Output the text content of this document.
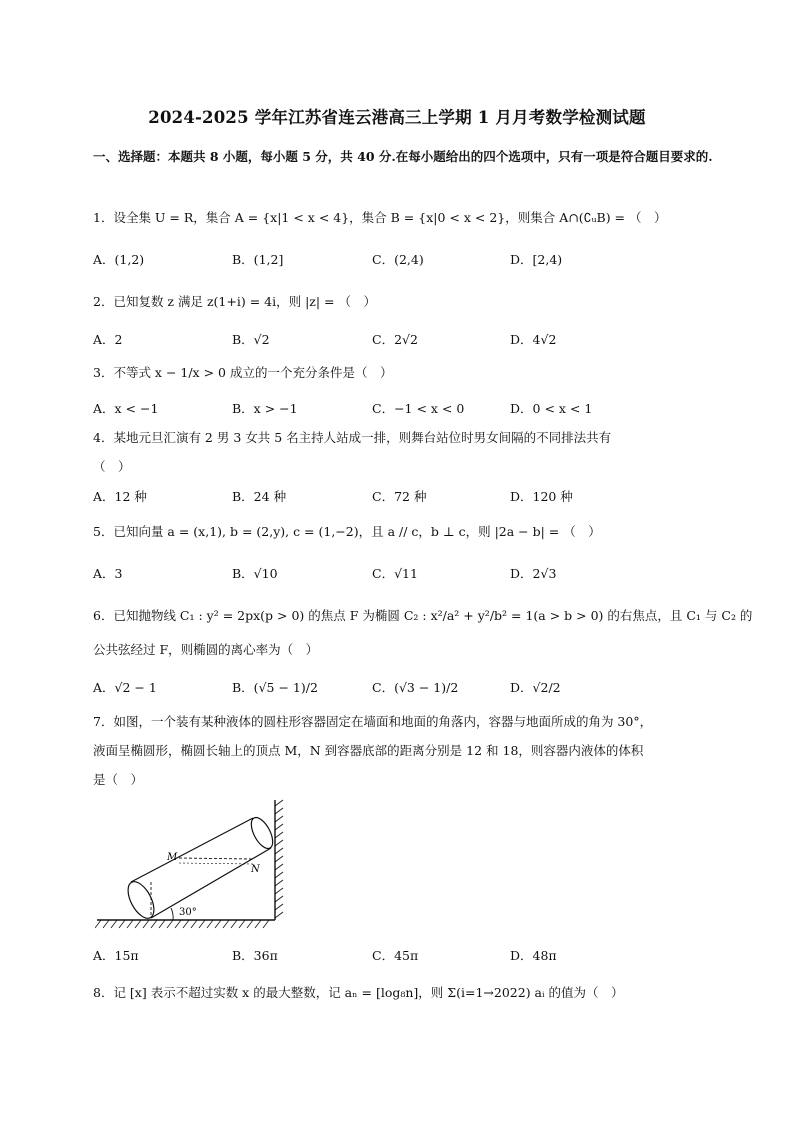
2024-2025 学年江苏省连云港高三上学期 1 月月考数学检测试题
一、选择题：本题共 8 小题，每小题 5 分，共 40 分.在每小题给出的四个选项中，只有一项是符合题目要求的.
1．设全集 U = R，集合 A = {x|1 < x < 4}，集合 B = {x|0 < x < 2}，则集合 A∩(∁ᵤB) = （　）
A．(1,2)	B．(1,2]	C．(2,4)	D．[2,4)
2．已知复数 z 满足 z(1+i) = 4i，则 |z| = （　）
A．2	B．√2	C．2√2	D．4√2
3．不等式 x − 1/x > 0 成立的一个充分条件是（　）
A．x < −1	B．x > −1	C．−1 < x < 0	D．0 < x < 1
4．某地元旦汇演有 2 男 3 女共 5 名主持人站成一排，则舞台站位时男女间隔的不同排法共有
（　）
A．12 种	B．24 种	C．72 种	D．120 种
5．已知向量 a = (x,1), b = (2,y), c = (1,−2)，且 a // c，b ⊥ c，则 |2a − b| = （　）
A．3	B．√10	C．√11	D．2√3
6．已知抛物线 C₁ : y² = 2px(p > 0) 的焦点 F 为椭圆 C₂ : x²/a² + y²/b² = 1(a > b > 0) 的右焦点，且 C₁ 与 C₂ 的
公共弦经过 F，则椭圆的离心率为（　）
A．√2 − 1	B．(√5 − 1)/2	C．(√3 − 1)/2	D．√2/2
7．如图，一个装有某种液体的圆柱形容器固定在墙面和地面的角落内，容器与地面所成的角为 30°，
液面呈椭圆形，椭圆长轴上的顶点 M，N 到容器底部的距离分别是 12 和 18，则容器内液体的体积
是（　）
30°
M
N
A．15π	B．36π	C．45π	D．48π
8．记 [x] 表示不超过实数 x 的最大整数，记 aₙ = [log₈n]，则 Σ(i=1→2022) aᵢ 的值为（　）
